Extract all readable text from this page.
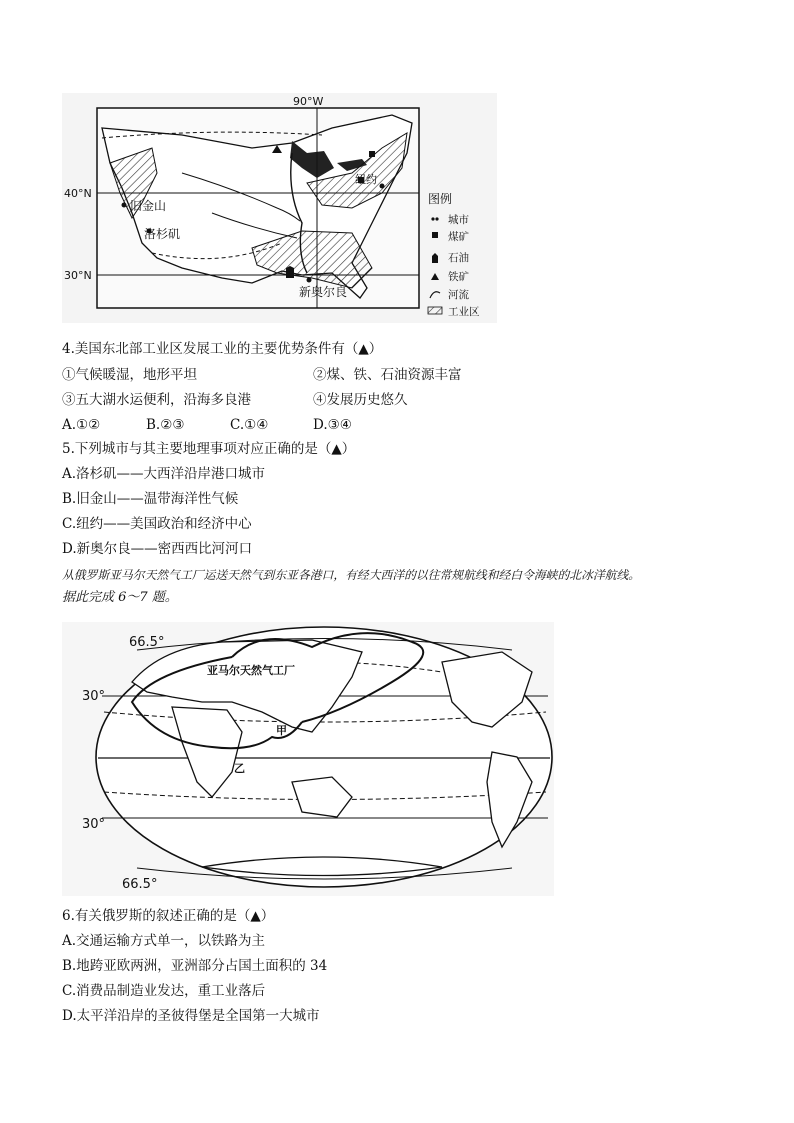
90°W
40°N
30°N
旧金山
洛杉矶
纽约
新奥尔良
图例
城市
煤矿
石油
铁矿
河流
工业区
4.美国东北部工业区发展工业的主要优势条件有（▲）
①气候暖湿，地形平坦	②煤、铁、石油资源丰富
③五大湖水运便利，沿海多良港	④发展历史悠久
A.①②	B.②③	C.①④	D.③④
5.下列城市与其主要地理事项对应正确的是（▲）
A.洛杉矶——大西洋沿岸港口城市
B.旧金山——温带海洋性气候
C.纽约——美国政治和经济中心
D.新奥尔良——密西西比河河口
从俄罗斯亚马尔天然气工厂运送天然气到东亚各港口，有经大西洋的以往常规航线和经白令海峡的北冰洋航线。
据此完成 6～7 题。
66.5°
30°
30°
66.5°
亚马尔天然气工厂
甲
乙
6.有关俄罗斯的叙述正确的是（▲）
A.交通运输方式单一，以铁路为主
B.地跨亚欧两洲，亚洲部分占国土面积的 34
C.消费品制造业发达，重工业落后
D.太平洋沿岸的圣彼得堡是全国第一大城市
